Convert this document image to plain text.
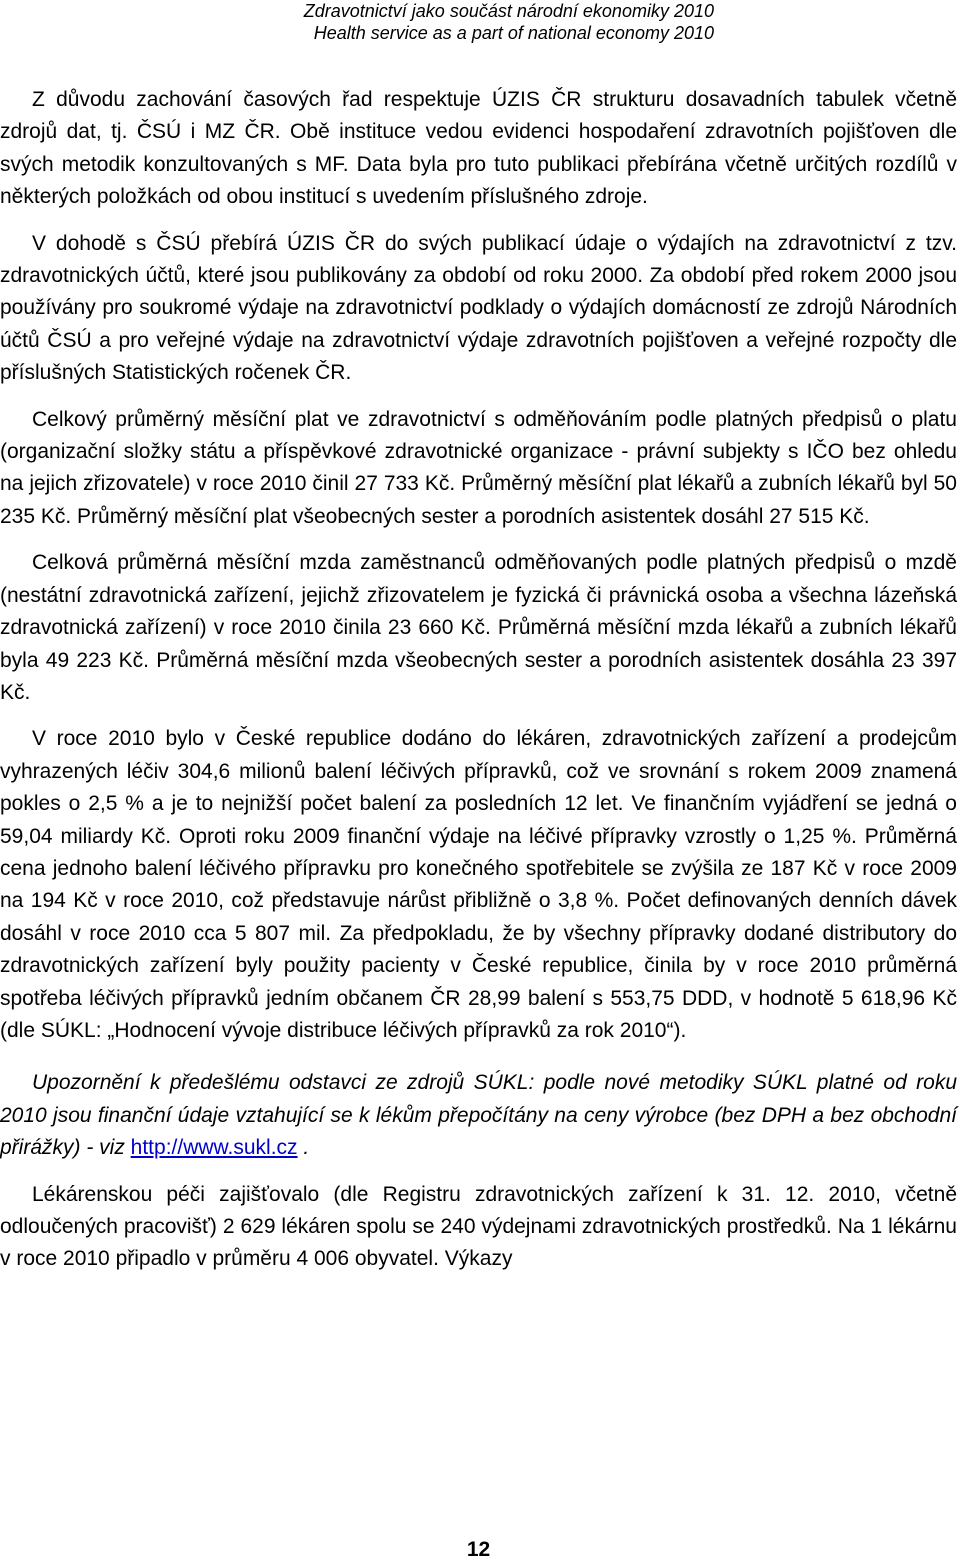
Zdravotnictví jako součást národní ekonomiky 2010
Health service as a part of national economy 2010

Z důvodu zachování časových řad respektuje ÚZIS ČR strukturu dosavadních tabulek včetně zdrojů dat, tj. ČSÚ i MZ ČR. Obě instituce vedou evidenci hospodaření zdravotních pojišťoven dle svých metodik konzultovaných s MF. Data byla pro tuto publikaci přebírána včetně určitých rozdílů v některých položkách od obou institucí s uvedením příslušného zdroje.

V dohodě s ČSÚ přebírá ÚZIS ČR do svých publikací údaje o výdajích na zdravotnictví z tzv. zdravotnických účtů, které jsou publikovány za období od roku 2000. Za období před rokem 2000 jsou používány pro soukromé výdaje na zdravotnictví podklady o výdajích domácností ze zdrojů Národních účtů ČSÚ a pro veřejné výdaje na zdravotnictví výdaje zdravotních pojišťoven a veřejné rozpočty dle příslušných Statistických ročenek ČR.

Celkový průměrný měsíční plat ve zdravotnictví s odměňováním podle platných předpisů o platu (organizační složky státu a příspěvkové zdravotnické organizace - právní subjekty s IČO bez ohledu na jejich zřizovatele) v roce 2010 činil 27 733 Kč. Průměrný měsíční plat lékařů a zubních lékařů byl 50 235 Kč. Průměrný měsíční plat všeobecných sester a porodních asistentek dosáhl 27 515 Kč.

Celková průměrná měsíční mzda zaměstnanců odměňovaných podle platných předpisů o mzdě (nestátní zdravotnická zařízení, jejichž zřizovatelem je fyzická či právnická osoba a všechna lázeňská zdravotnická zařízení) v roce 2010 činila 23 660 Kč. Průměrná měsíční mzda lékařů a zubních lékařů byla 49 223 Kč. Průměrná měsíční mzda všeobecných sester a porodních asistentek dosáhla 23 397 Kč.

V roce 2010 bylo v České republice dodáno do lékáren, zdravotnických zařízení a prodejcům vyhrazených léčiv 304,6 milionů balení léčivých přípravků, což ve srovnání s rokem 2009 znamená pokles o 2,5 % a je to nejnižší počet balení za posledních 12 let. Ve finančním vyjádření se jedná o 59,04 miliardy Kč. Oproti roku 2009 finanční výdaje na léčivé přípravky vzrostly o 1,25 %. Průměrná cena jednoho balení léčivého přípravku pro konečného spotřebitele se zvýšila ze 187 Kč v roce 2009 na 194 Kč v roce 2010, což představuje nárůst přibližně o 3,8 %. Počet definovaných denních dávek dosáhl v roce 2010 cca 5 807 mil. Za předpokladu, že by všechny přípravky dodané distributory do zdravotnických zařízení byly použity pacienty v České republice, činila by v roce 2010 průměrná spotřeba léčivých přípravků jedním občanem ČR 28,99 balení s 553,75 DDD, v hodnotě 5 618,96 Kč (dle SÚKL: „Hodnocení vývoje distribuce léčivých přípravků za rok 2010“).

Upozornění k předešlému odstavci ze zdrojů SÚKL: podle nové metodiky SÚKL platné od roku 2010 jsou finanční údaje vztahující se k lékům přepočítány na ceny výrobce (bez DPH a bez obchodní přirážky) - viz http://www.sukl.cz .

Lékárenskou péči zajišťovalo (dle Registru zdravotnických zařízení k 31. 12. 2010, včetně odloučených pracovišť) 2 629 lékáren spolu se 240 výdejnami zdravotnických prostředků. Na 1 lékárnu v roce 2010 připadlo v průměru 4 006 obyvatel. Výkazy

12
